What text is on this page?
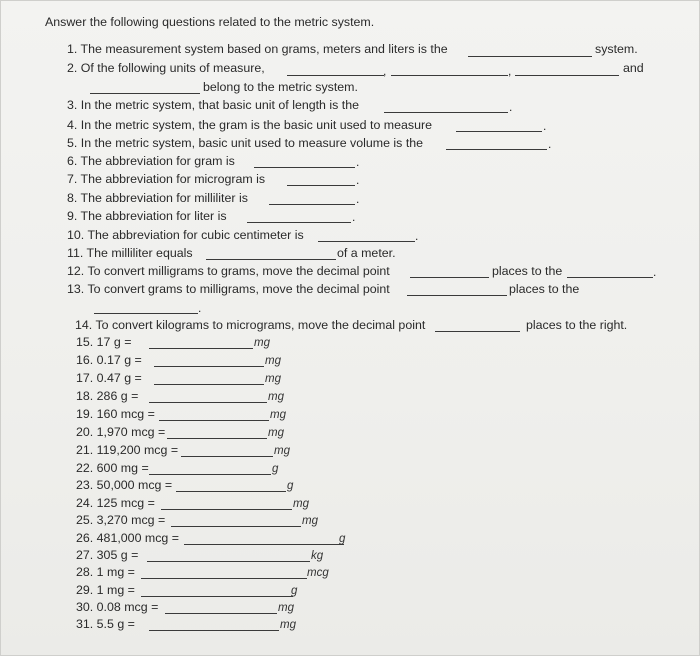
Answer the following questions related to the metric system.
1. The measurement system based on grams, meters and liters is the	system.
2. Of the following units of measure,	,	,	and
belong to the metric system.
3. In the metric system, that basic unit of length is the	.
4. In the metric system, the gram is the basic unit used to measure	.
5. In the metric system, basic unit used to measure volume is the	.
6. The abbreviation for gram is	.
7. The abbreviation for microgram is	.
8. The abbreviation for milliliter is	.
9. The abbreviation for liter is	.
10. The abbreviation for cubic centimeter is	.
11. The milliliter equals	of a meter.
12. To convert milligrams to grams, move the decimal point	places to the	.
13. To convert grams to milligrams, move the decimal point	places to the
.
14. To convert kilograms to micrograms, move the decimal point	places to the right.
15. 17 g =	mg
16. 0.17 g =	mg
17. 0.47 g =	mg
18. 286 g =	mg
19. 160 mcg =	mg
20. 1,970 mcg =	mg
21. 119,200 mcg =	mg
22. 600 mg =	g
23. 50,000 mcg =	g
24. 125 mcg =	mg
25. 3,270 mcg =	mg
26. 481,000 mcg =	g
27. 305 g =	kg
28. 1 mg =	mcg
29. 1 mg =	g
30. 0.08 mcg =	mg
31. 5.5 g =	mg
